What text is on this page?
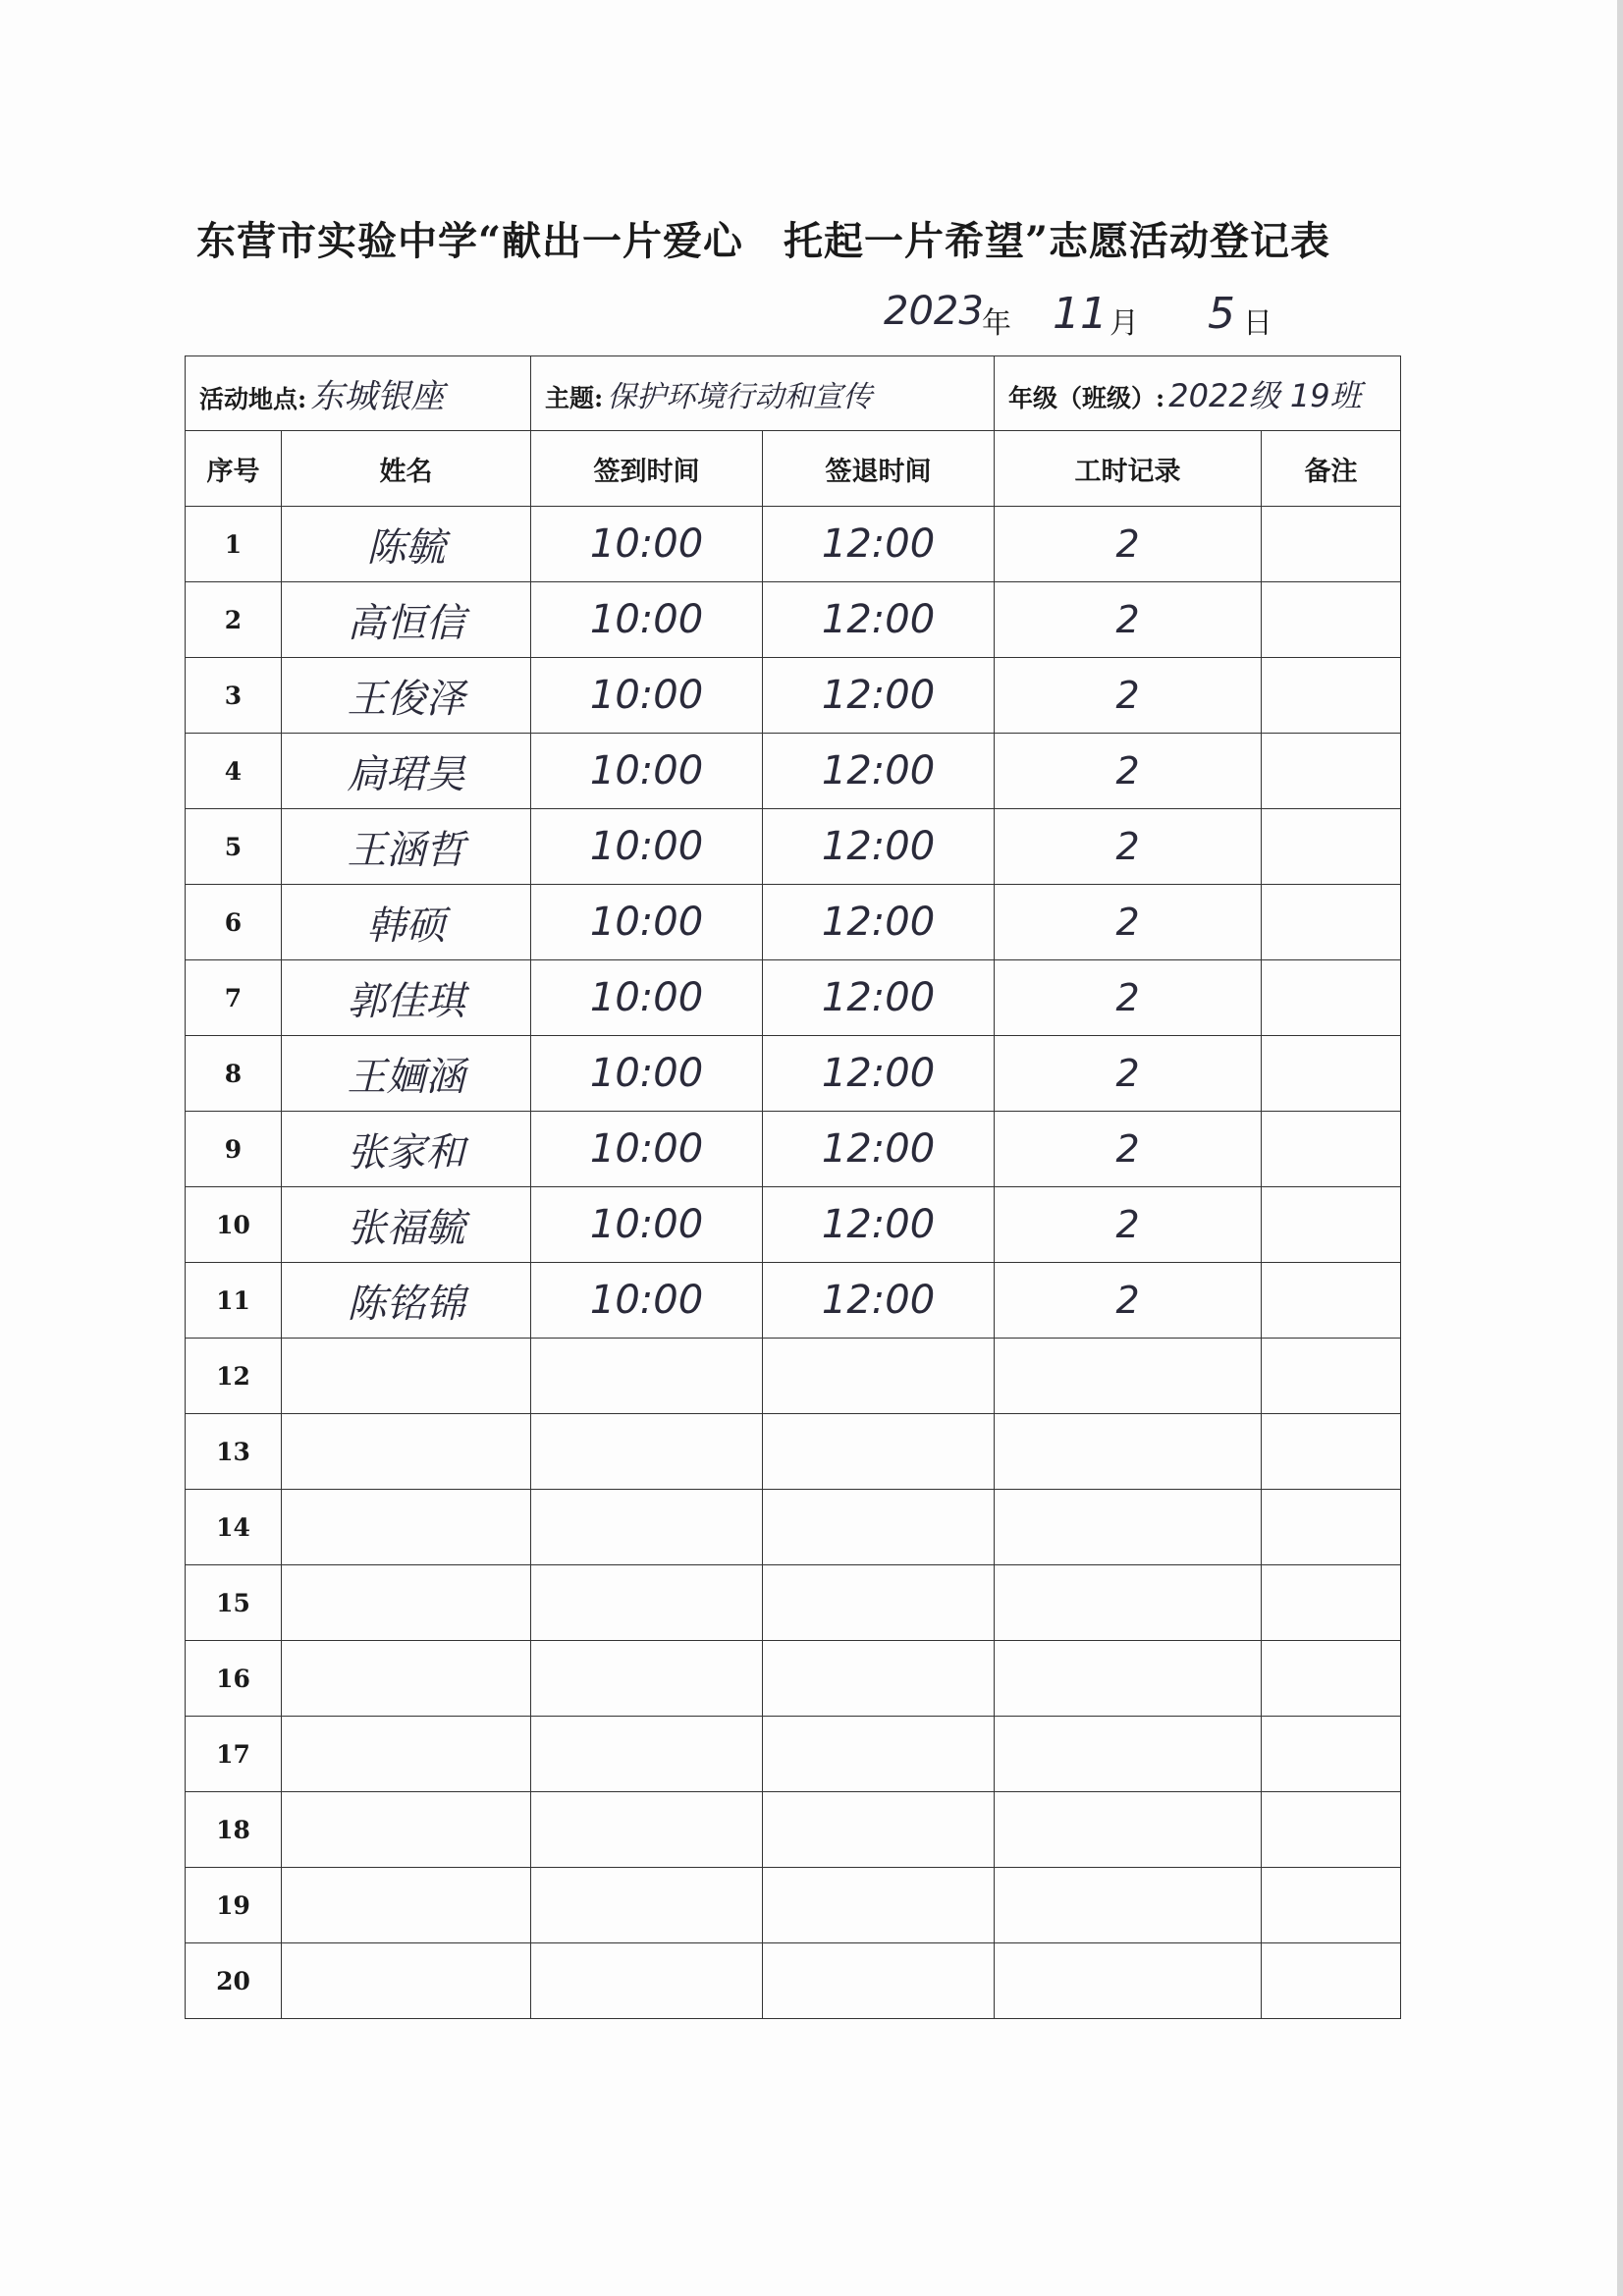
东营市实验中学“献出一片爱心　托起一片希望”志愿活动登记表
2023
年 11 月 5 日
活动地点: 东城银座		主题: 保护环境行动和宣传		年级（班级）: 2022级 19班	
序号	姓名	签到时间	签退时间	工时记录	备注
1	陈毓	10:00	12:00	2	
2	高恒信	10:00	12:00	2	
3	王俊泽	10:00	12:00	2	
4	扃珺昊	10:00	12:00	2	
5	王涵哲	10:00	12:00	2	
6	韩硕	10:00	12:00	2	
7	郭佳琪	10:00	12:00	2	
8	王婳涵	10:00	12:00	2	
9	张家和	10:00	12:00	2	
10	张福毓	10:00	12:00	2	
11	陈铭锦	10:00	12:00	2	
12					
13					
14					
15					
16					
17					
18					
19					
20					
